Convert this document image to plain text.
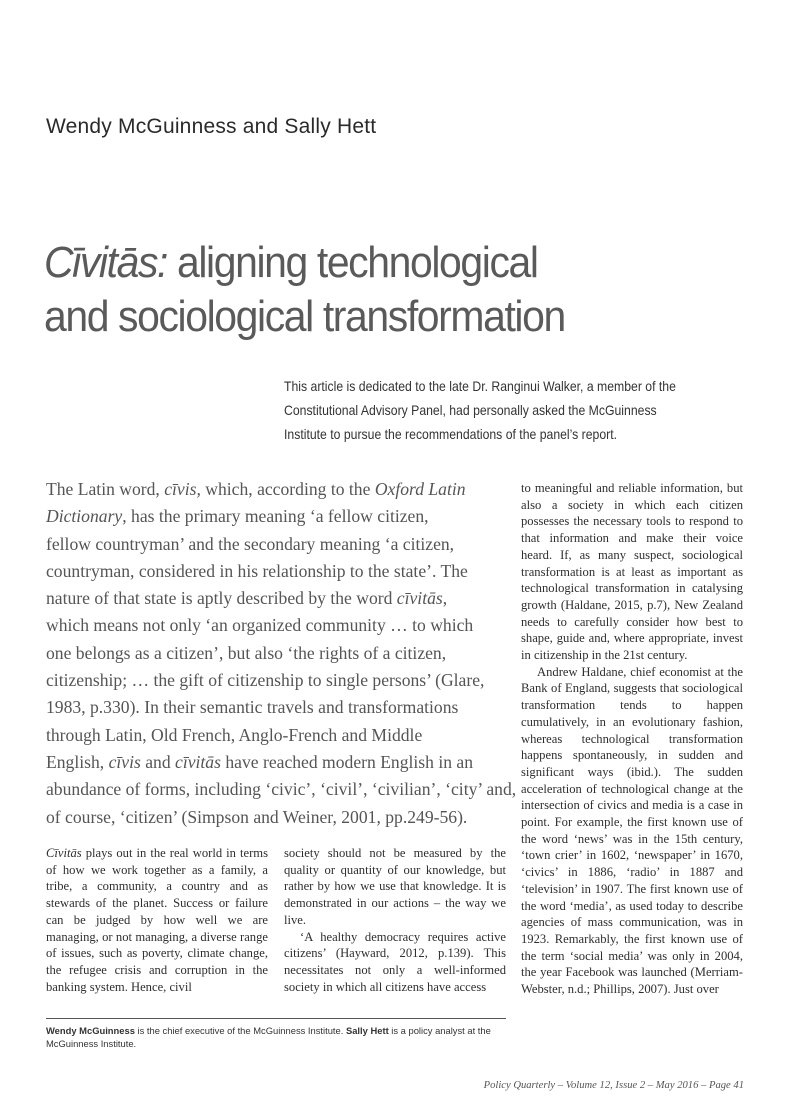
Wendy McGuinness and Sally Hett
Cīvitās: aligning technological
and sociological transformation
This article is dedicated to the late Dr. Ranginui Walker, a member of the Constitutional Advisory Panel, had personally asked the McGuinness Institute to pursue the recommendations of the panel’s report.
The Latin word, cīvis, which, according to the Oxford Latin
Dictionary, has the primary meaning ‘a fellow citizen,
fellow countryman’ and the secondary meaning ‘a citizen,
countryman, considered in his relationship to the state’. The
nature of that state is aptly described by the word cīvitās,
which means not only ‘an organized community … to which
one belongs as a citizen’, but also ‘the rights of a citizen,
citizenship; … the gift of citizenship to single persons’ (Glare,
1983, p.330). In their semantic travels and transformations
through Latin, Old French, Anglo-French and Middle
English, cīvis and cīvitās have reached modern English in an
abundance of forms, including ‘civic’, ‘civil’, ‘civilian’, ‘city’ and,
of course, ‘citizen’ (Simpson and Weiner, 2001, pp.249-56).

Cīvitās plays out in the real world in terms of how we work together as a family, a tribe, a community, a country and as stewards of the planet. Success or failure can be judged by how well we are managing, or not managing, a diverse range of issues, such as poverty, climate change, the refugee crisis and corruption in the banking system. Hence, civil

society should not be measured by the quality or quantity of our knowledge, but rather by how we use that knowledge. It is demonstrated in our actions – the way we live.

‘A healthy democracy requires active citizens’ (Hayward, 2012, p.139). This necessitates not only a well-informed society in which all citizens have access

to meaningful and reliable information, but also a society in which each citizen possesses the necessary tools to respond to that information and make their voice heard. If, as many suspect, sociological transformation is at least as important as technological transformation in catalysing growth (Haldane, 2015, p.7), New Zealand needs to carefully consider how best to shape, guide and, where appropriate, invest in citizenship in the 21st century.

Andrew Haldane, chief economist at the Bank of England, suggests that sociological transformation tends to happen cumulatively, in an evolutionary fashion, whereas technological transformation happens spontaneously, in sudden and significant ways (ibid.). The sudden acceleration of technological change at the intersection of civics and media is a case in point. For example, the first known use of the word ‘news’ was in the 15th century, ‘town crier’ in 1602, ‘newspaper’ in 1670, ‘civics’ in 1886, ‘radio’ in 1887 and ‘television’ in 1907. The first known use of the word ‘media’, as used today to describe agencies of mass communication, was in 1923. Remarkably, the first known use of the term ‘social media’ was only in 2004, the year Facebook was launched (Merriam-Webster, n.d.; Phillips, 2007). Just over

Wendy McGuinness is the chief executive of the McGuinness Institute. Sally Hett is a policy analyst at the McGuinness Institute.
Policy Quarterly – Volume 12, Issue 2 – May 2016 – Page 41
